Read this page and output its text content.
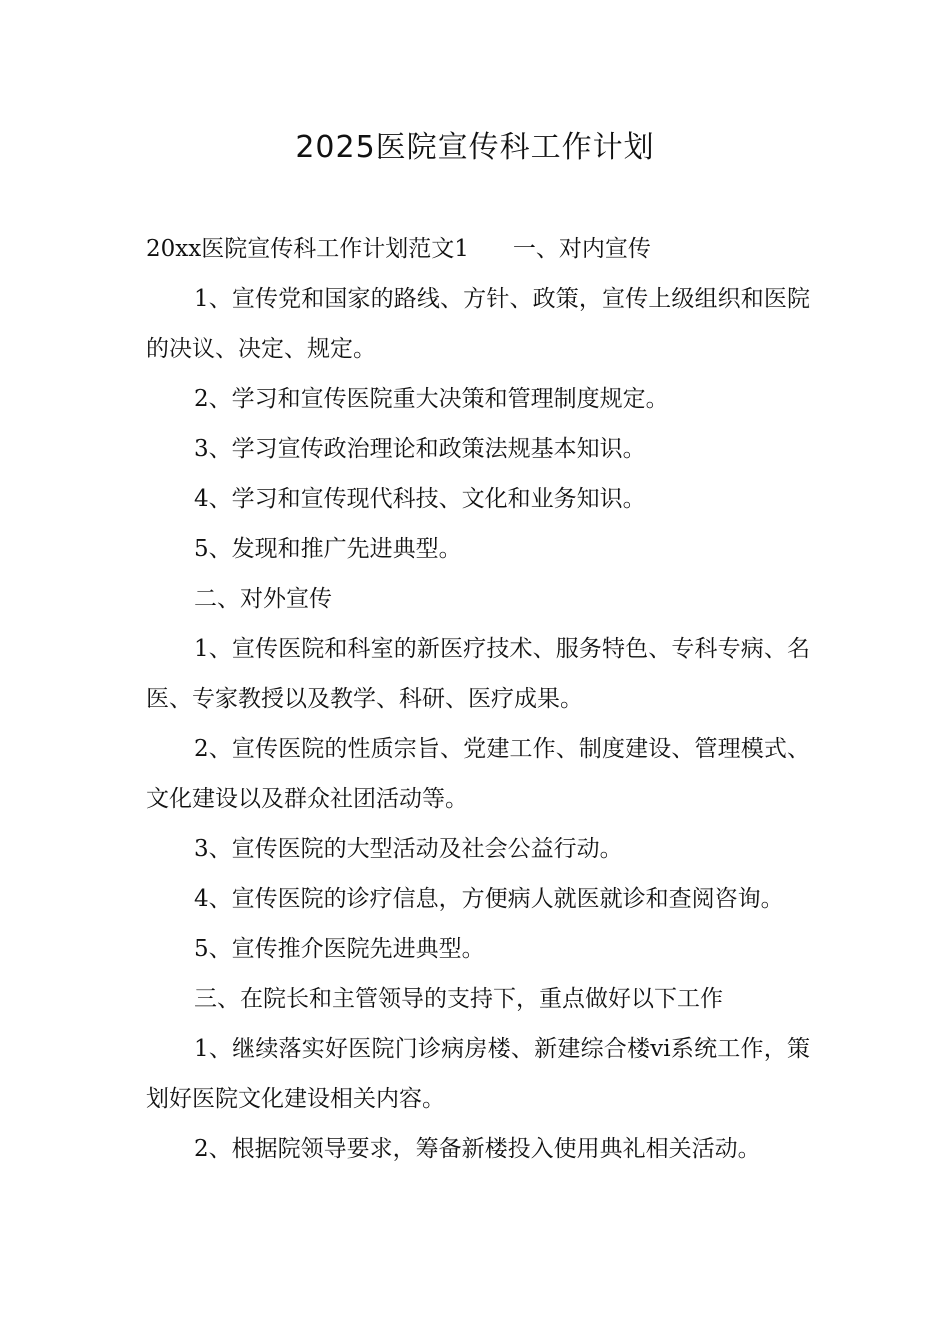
2025医院宣传科工作计划

20xx医院宣传科工作计划范文1 一、对内宣传

1、宣传党和国家的路线、方针、政策，宣传上级组织和医院的决议、决定、规定。

2、学习和宣传医院重大决策和管理制度规定。

3、学习宣传政治理论和政策法规基本知识。

4、学习和宣传现代科技、文化和业务知识。

5、发现和推广先进典型。

二、对外宣传

1、宣传医院和科室的新医疗技术、服务特色、专科专病、名医、专家教授以及教学、科研、医疗成果。

2、宣传医院的性质宗旨、党建工作、制度建设、管理模式、文化建设以及群众社团活动等。

3、宣传医院的大型活动及社会公益行动。

4、宣传医院的诊疗信息，方便病人就医就诊和查阅咨询。

5、宣传推介医院先进典型。

三、在院长和主管领导的支持下，重点做好以下工作

1、继续落实好医院门诊病房楼、新建综合楼vi系统工作，策划好医院文化建设相关内容。

2、根据院领导要求，筹备新楼投入使用典礼相关活动。
